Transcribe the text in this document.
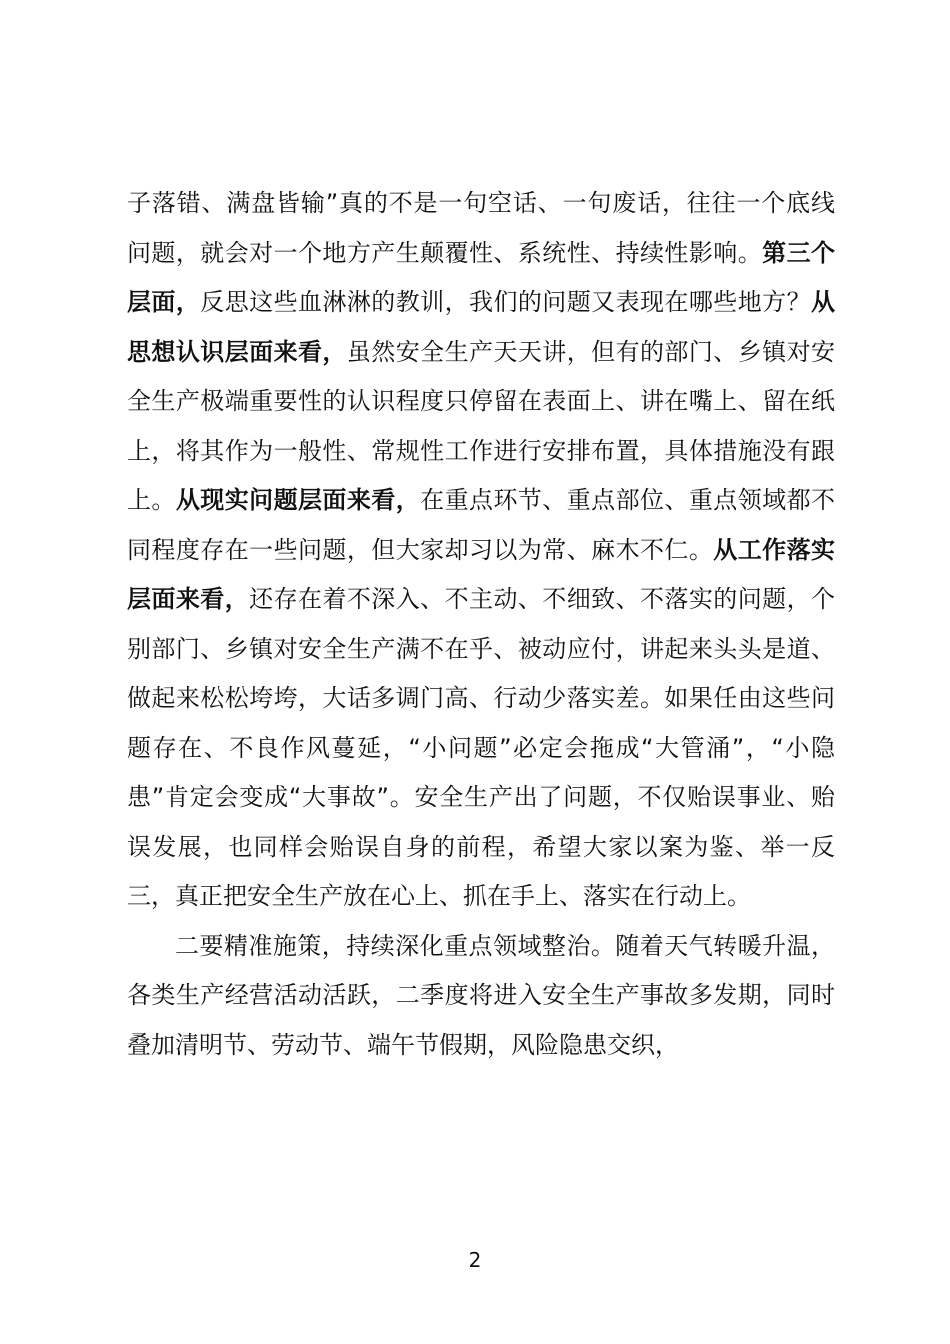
子落错、满盘皆输”真的不是一句空话、一句废话，往往一个底线问题，就会对一个地方产生颠覆性、系统性、持续性影响。第三个层面，反思这些血淋淋的教训，我们的问题又表现在哪些地方？从思想认识层面来看，虽然安全生产天天讲，但有的部门、乡镇对安全生产极端重要性的认识程度只停留在表面上、讲在嘴上、留在纸上，将其作为一般性、常规性工作进行安排布置，具体措施没有跟上。从现实问题层面来看，在重点环节、重点部位、重点领域都不同程度存在一些问题，但大家却习以为常、麻木不仁。从工作落实层面来看，还存在着不深入、不主动、不细致、不落实的问题，个别部门、乡镇对安全生产满不在乎、被动应付，讲起来头头是道、做起来松松垮垮，大话多调门高、行动少落实差。如果任由这些问题存在、不良作风蔓延，“小问题”必定会拖成“大管涌”，“小隐患”肯定会变成“大事故”。安全生产出了问题，不仅贻误事业、贻误发展，也同样会贻误自身的前程，希望大家以案为鉴、举一反三，真正把安全生产放在心上、抓在手上、落实在行动上。

二要精准施策，持续深化重点领域整治。随着天气转暖升温，各类生产经营活动活跃，二季度将进入安全生产事故多发期，同时叠加清明节、劳动节、端午节假期，风险隐患交织，

2
